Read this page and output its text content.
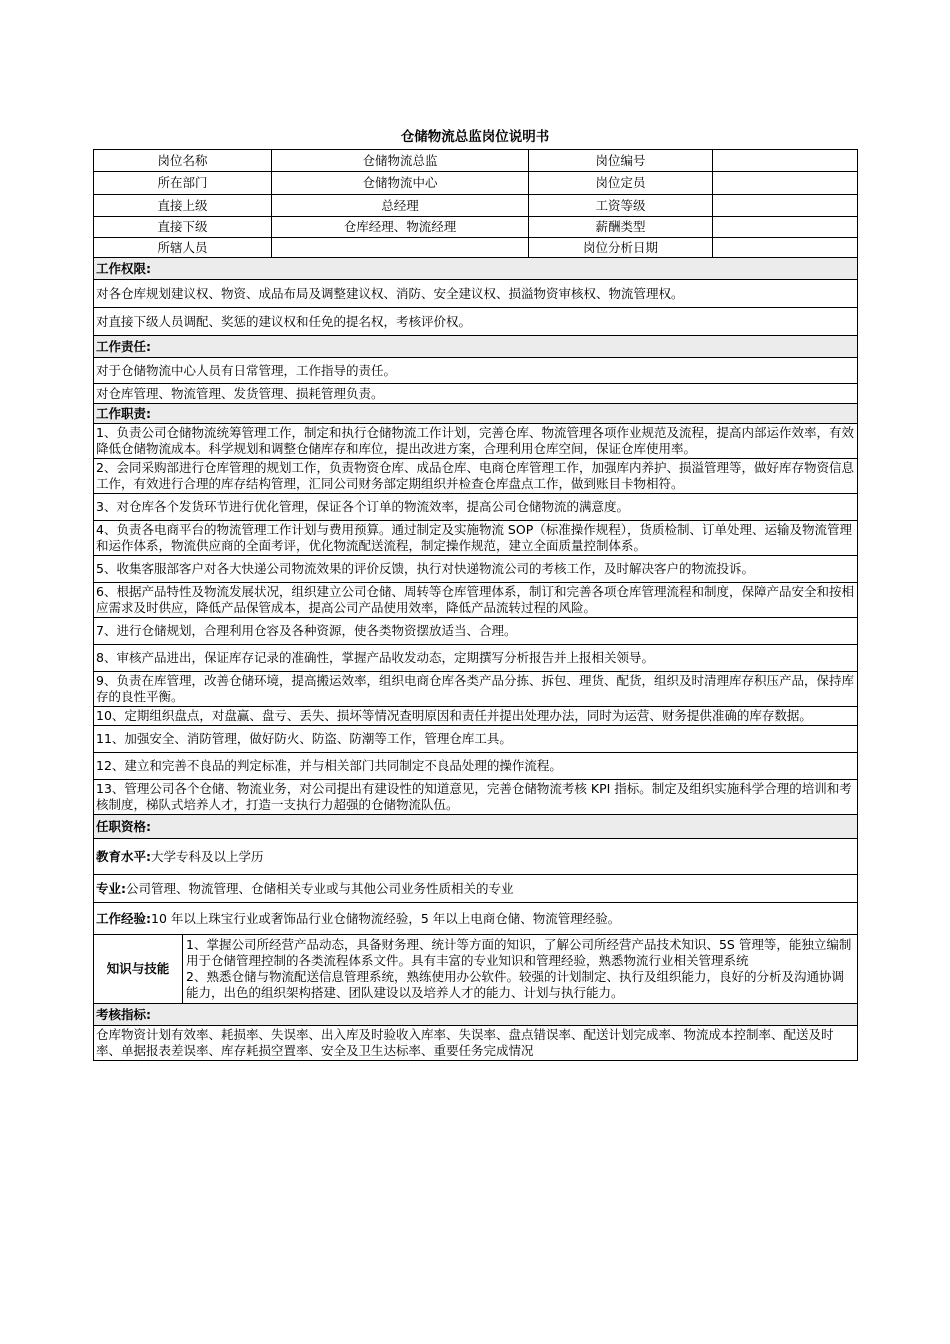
仓储物流总监岗位说明书
岗位名称		仓储物流总监	岗位编号	
所在部门		仓储物流中心	岗位定员	
直接上级		总经理	工资等级	
直接下级		仓库经理、物流经理	薪酬类型	
所辖人员			岗位分析日期	
工作权限:				
对各仓库规划建议权、物资、成品布局及调整建议权、消防、安全建议权、损溢物资审核权、物流管理权。				
对直接下级人员调配、奖惩的建议权和任免的提名权，考核评价权。				
工作责任:				
对于仓储物流中心人员有日常管理，工作指导的责任。				
对仓库管理、物流管理、发货管理、损耗管理负责。				
工作职责:				
1、负责公司仓储物流统筹管理工作，制定和执行仓储物流工作计划，完善仓库、物流管理各项作业规范及流程，提高内部运作效率，有效降低仓储物流成本。科学规划和调整仓储库存和库位，提出改进方案，合理利用仓库空间，保证仓库使用率。				
2、会同采购部进行仓库管理的规划工作，负责物资仓库、成品仓库、电商仓库管理工作，加强库内养护、损溢管理等，做好库存物资信息工作，有效进行合理的库存结构管理，汇同公司财务部定期组织并检查仓库盘点工作，做到账目卡物相符。				
3、对仓库各个发货环节进行优化管理，保证各个订单的物流效率，提高公司仓储物流的满意度。				
4、负责各电商平台的物流管理工作计划与费用预算。通过制定及实施物流 SOP（标准操作规程），货质检制、订单处理、运输及物流管理和运作体系，物流供应商的全面考评，优化物流配送流程，制定操作规范，建立全面质量控制体系。				
5、收集客服部客户对各大快递公司物流效果的评价反馈，执行对快递物流公司的考核工作，及时解决客户的物流投诉。				
6、根据产品特性及物流发展状况，组织建立公司仓储、周转等仓库管理体系，制订和完善各项仓库管理流程和制度，保障产品安全和按相应需求及时供应，降低产品保管成本，提高公司产品使用效率，降低产品流转过程的风险。				
7、进行仓储规划，合理利用仓容及各种资源，使各类物资摆放适当、合理。				
8、审核产品进出，保证库存记录的准确性，掌握产品收发动态，定期撰写分析报告并上报相关领导。				
9、负责在库管理，改善仓储环境，提高搬运效率，组织电商仓库各类产品分拣、拆包、理货、配货，组织及时清理库存积压产品，保持库存的良性平衡。				
10、定期组织盘点，对盘赢、盘亏、丢失、损坏等情况查明原因和责任并提出处理办法，同时为运营、财务提供准确的库存数据。				
11、加强安全、消防管理，做好防火、防盗、防潮等工作，管理仓库工具。				
12、建立和完善不良品的判定标准，并与相关部门共同制定不良品处理的操作流程。				
13、管理公司各个仓储、物流业务，对公司提出有建设性的知道意见，完善仓储物流考核 KPI 指标。制定及组织实施科学合理的培训和考核制度，梯队式培养人才，打造一支执行力超强的仓储物流队伍。				
任职资格:				
教育水平:大学专科及以上学历				
专业:公司管理、物流管理、仓储相关专业或与其他公司业务性质相关的专业				
工作经验:10 年以上珠宝行业或奢饰品行业仓储物流经验，5 年以上电商仓储、物流管理经验。				
知识与技能	1、掌握公司所经营产品动态，具备财务理、统计等方面的知识，了解公司所经营产品技术知识、5S 管理等，能独立编制用于仓储管理控制的各类流程体系文件。具有丰富的专业知识和管理经验，熟悉物流行业相关管理系统
2、熟悉仓储与物流配送信息管理系统，熟练使用办公软件。较强的计划制定、执行及组织能力，良好的分析及沟通协调能力，出色的组织架构搭建、团队建设以及培养人才的能力、计划与执行能力。			

考核指标:				
仓库物资计划有效率、耗损率、失误率、出入库及时验收入库率、失误率、盘点错误率、配送计划完成率、物流成本控制率、配送及时率、单据报表差误率、库存耗损空置率、安全及卫生达标率、重要任务完成情况				
